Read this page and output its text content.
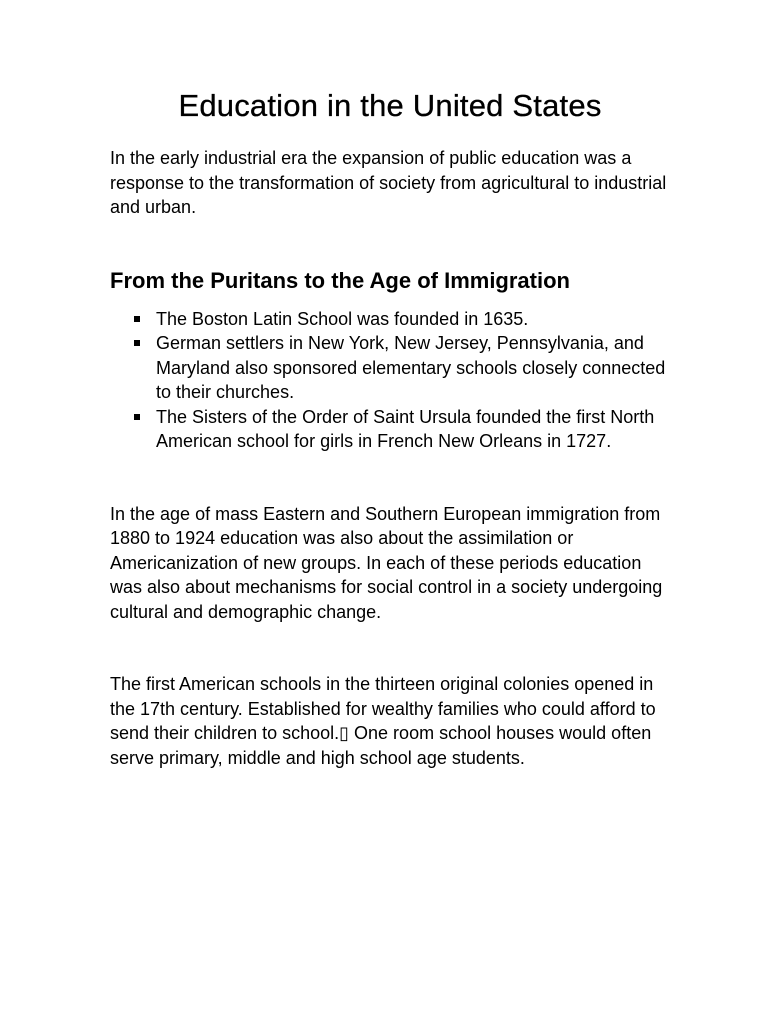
Education in the United States

In the early industrial era the expansion of public education was a response to the transformation of society from agricultural to industrial and urban.

From the Puritans to the Age of Immigration
The Boston Latin School was founded in 1635.
German settlers in New York, New Jersey, Pennsylvania, and Maryland also sponsored elementary schools closely connected to their churches.
The Sisters of the Order of Saint Ursula founded the first North American school for girls in French New Orleans in 1727.

In the age of mass Eastern and Southern European immigration from 1880 to 1924 education was also about the assimilation or Americanization of new groups. In each of these periods education was also about mechanisms for social control in a society undergoing cultural and demographic change.

The first American schools in the thirteen original colonies opened in the 17th century. Established for wealthy families who could afford to send their children to school.▯ One room school houses would often serve primary, middle and high school age students.
